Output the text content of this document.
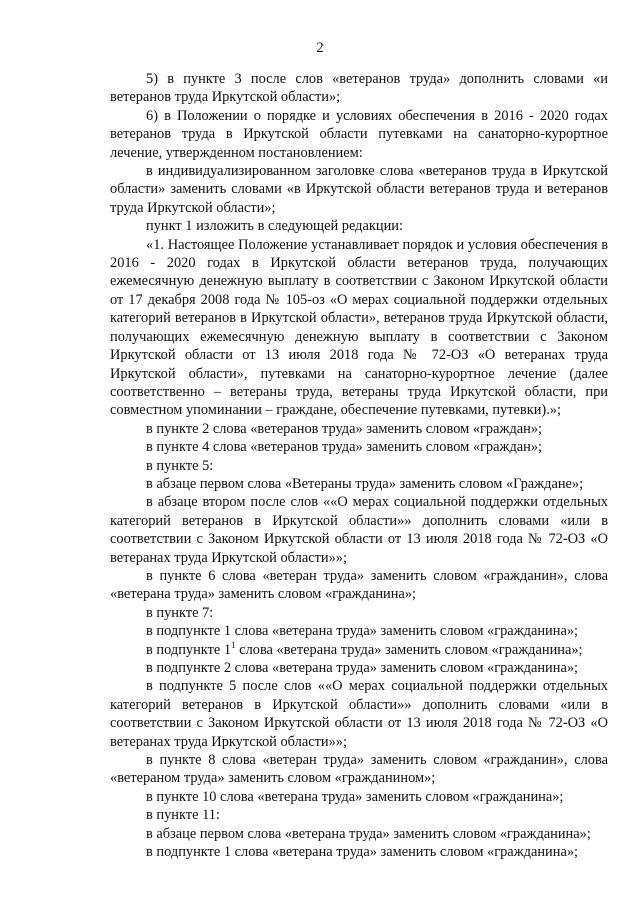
2

5) в пункте 3 после слов «ветеранов труда» дополнить словами «и ветеранов труда Иркутской области»;

6) в Положении о порядке и условиях обеспечения в 2016 - 2020 годах ветеранов труда в Иркутской области путевками на санаторно-курортное лечение, утвержденном постановлением:

в индивидуализированном заголовке слова «ветеранов труда в Иркутской области» заменить словами «в Иркутской области ветеранов труда и ветеранов труда Иркутской области»;

пункт 1 изложить в следующей редакции:

«1. Настоящее Положение устанавливает порядок и условия обеспечения в 2016 - 2020 годах в Иркутской области ветеранов труда, получающих ежемесячную денежную выплату в соответствии с Законом Иркутской области от 17 декабря 2008 года № 105-оз «О мерах социальной поддержки отдельных категорий ветеранов в Иркутской области», ветеранов труда Иркутской области, получающих ежемесячную денежную выплату в соответствии с Законом Иркутской области от 13 июля 2018 года № 72-ОЗ «О ветеранах труда Иркутской области», путевками на санаторно-курортное лечение (далее соответственно – ветераны труда, ветераны труда Иркутской области, при совместном упоминании – граждане, обеспечение путевками, путевки).»;

в пункте 2 слова «ветеранов труда» заменить словом «граждан»;

в пункте 4 слова «ветеранов труда» заменить словом «граждан»;

в пункте 5:

в абзаце первом слова «Ветераны труда» заменить словом «Граждане»;

в абзаце втором после слов ««О мерах социальной поддержки отдельных категорий ветеранов в Иркутской области»» дополнить словами «или в соответствии с Законом Иркутской области от 13 июля 2018 года № 72-ОЗ «О ветеранах труда Иркутской области»»;

в пункте 6 слова «ветеран труда» заменить словом «гражданин», слова «ветерана труда» заменить словом «гражданина»;

в пункте 7:

в подпункте 1 слова «ветерана труда» заменить словом «гражданина»;

в подпункте $1^1$ слова «ветерана труда» заменить словом «гражданина»;

в подпункте 2 слова «ветерана труда» заменить словом «гражданина»;

в подпункте 5 после слов ««О мерах социальной поддержки отдельных категорий ветеранов в Иркутской области»» дополнить словами «или в соответствии с Законом Иркутской области от 13 июля 2018 года № 72-ОЗ «О ветеранах труда Иркутской области»»;

в пункте 8 слова «ветеран труда» заменить словом «гражданин», слова «ветераном труда» заменить словом «гражданином»;

в пункте 10 слова «ветерана труда» заменить словом «гражданина»;

в пункте 11:

в абзаце первом слова «ветерана труда» заменить словом «гражданина»;

в подпункте 1 слова «ветерана труда» заменить словом «гражданина»;
